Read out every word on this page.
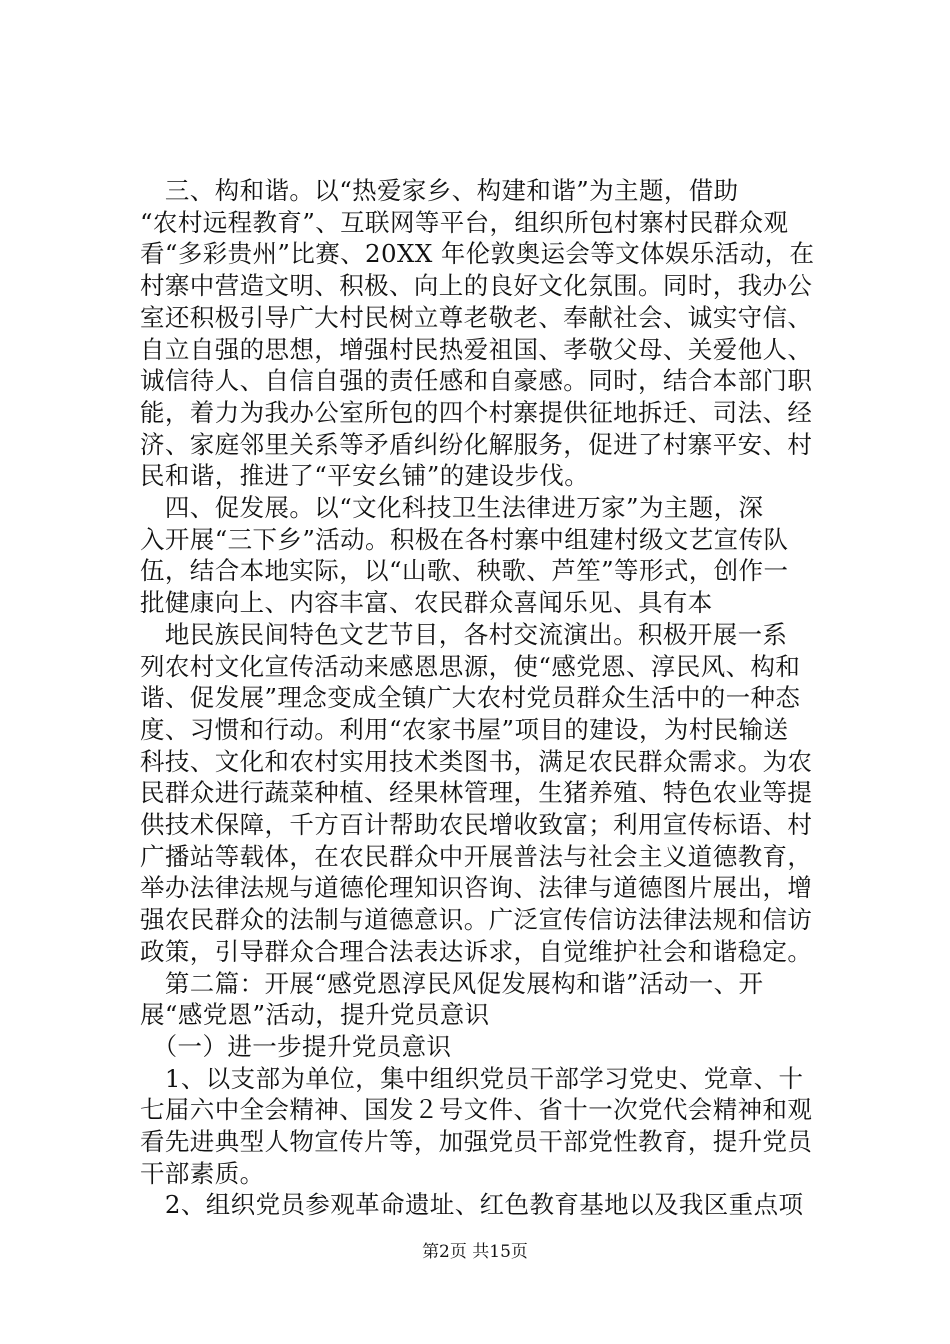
　三、构和谐。以“热爱家乡、构建和谐”为主题，借助
“农村远程教育”、互联网等平台，组织所包村寨村民群众观
看“多彩贵州”比赛、20XX 年伦敦奥运会等文体娱乐活动，在
村寨中营造文明、积极、向上的良好文化氛围。同时，我办公
室还积极引导广大村民树立尊老敬老、奉献社会、诚实守信、
自立自强的思想，增强村民热爱祖国、孝敬父母、关爱他人、
诚信待人、自信自强的责任感和自豪感。同时，结合本部门职
能，着力为我办公室所包的四个村寨提供征地拆迁、司法、经
济、家庭邻里关系等矛盾纠纷化解服务，促进了村寨平安、村
民和谐，推进了“平安幺铺”的建设步伐。
　四、促发展。以“文化科技卫生法律进万家”为主题，深
入开展“三下乡”活动。积极在各村寨中组建村级文艺宣传队
伍，结合本地实际，以“山歌、秧歌、芦笙”等形式，创作一
批健康向上、内容丰富、农民群众喜闻乐见、具有本
　地民族民间特色文艺节目，各村交流演出。积极开展一系
列农村文化宣传活动来感恩思源，使“感党恩、淳民风、构和
谐、促发展”理念变成全镇广大农村党员群众生活中的一种态
度、习惯和行动。利用“农家书屋”项目的建设，为村民输送
科技、文化和农村实用技术类图书，满足农民群众需求。为农
民群众进行蔬菜种植、经果林管理，生猪养殖、特色农业等提
供技术保障，千方百计帮助农民增收致富；利用宣传标语、村
广播站等载体，在农民群众中开展普法与社会主义道德教育，
举办法律法规与道德伦理知识咨询、法律与道德图片展出，增
强农民群众的法制与道德意识。广泛宣传信访法律法规和信访
政策，引导群众合理合法表达诉求，自觉维护社会和谐稳定。
　第二篇：开展“感党恩淳民风促发展构和谐”活动一、开
展“感党恩”活动，提升党员意识
　（一）进一步提升党员意识
　1、以支部为单位，集中组织党员干部学习党史、党章、十
七届六中全会精神、国发２号文件、省十一次党代会精神和观
看先进典型人物宣传片等，加强党员干部党性教育，提升党员
干部素质。
　2、组织党员参观革命遗址、红色教育基地以及我区重点项
第2页 共15页
